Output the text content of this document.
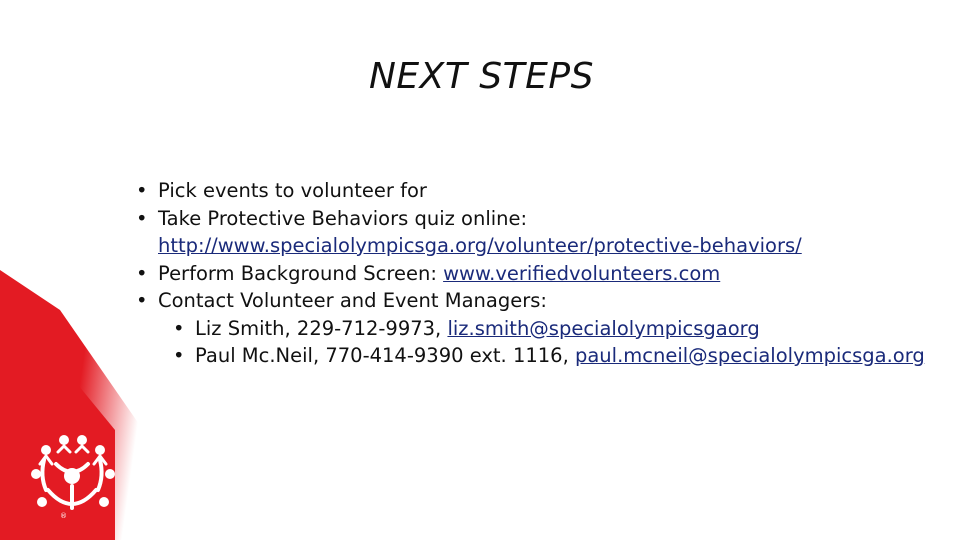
NEXT STEPS
• Pick events to volunteer for
• Take Protective Behaviors quiz online:
http://www.specialolympicsga.org/volunteer/protective-behaviors/
• Perform Background Screen: www.verifiedvolunteers.com
• Contact Volunteer and Event Managers:
• Liz Smith, 229-712-9973, liz.smith@specialolympicsgaorg
• Paul Mc.Neil, 770-414-9390 ext. 1116, paul.mcneil@specialolympicsga.org
®
